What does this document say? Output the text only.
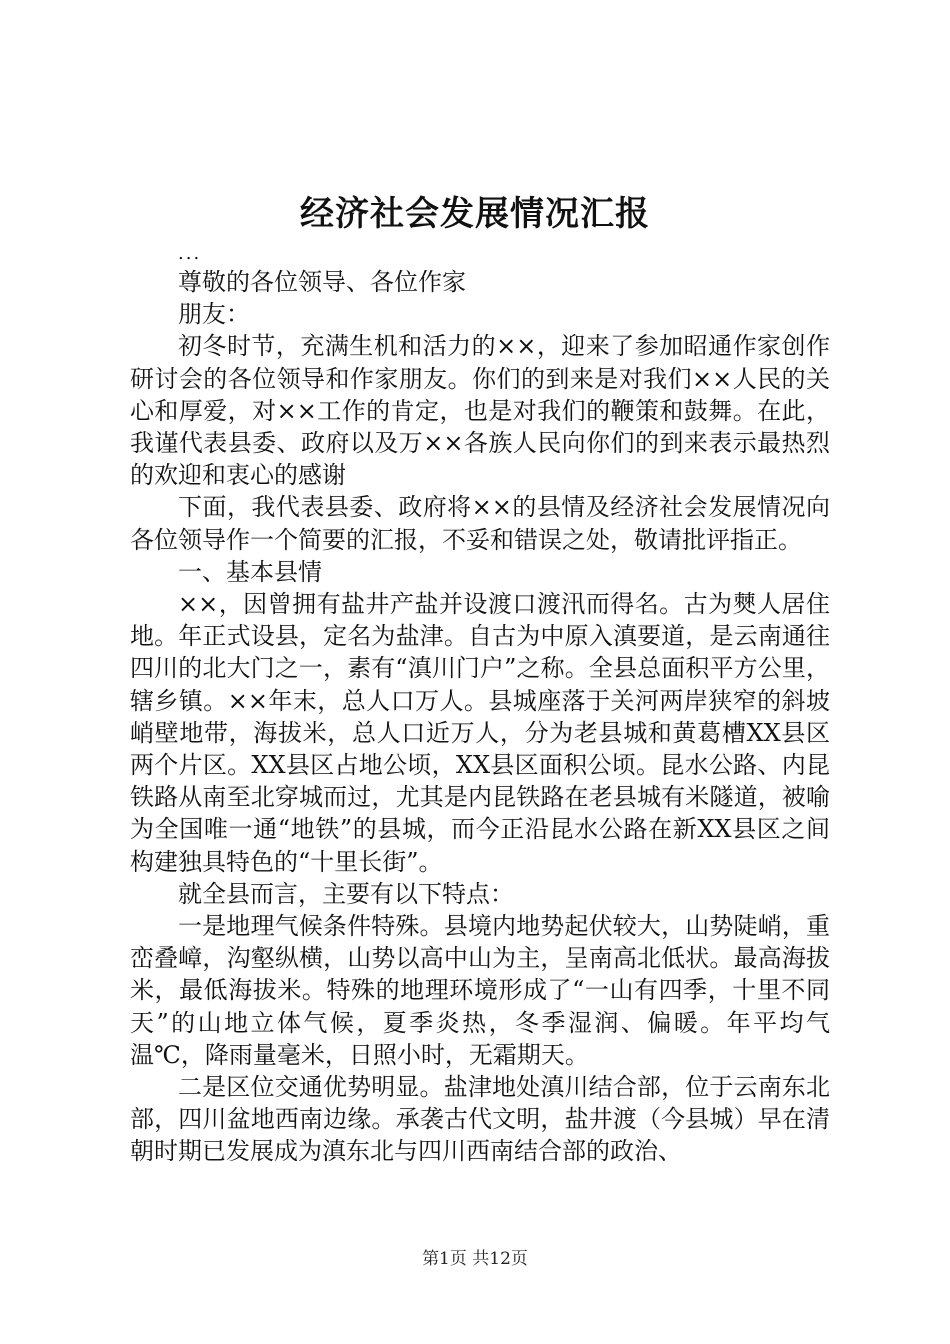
经济社会发展情况汇报
...

尊敬的各位领导、各位作家

朋友：

初冬时节，充满生机和活力的××，迎来了参加昭通作家创作研讨会的各位领导和作家朋友。你们的到来是对我们××人民的关心和厚爱，对××工作的肯定，也是对我们的鞭策和鼓舞。在此，我谨代表县委、政府以及万××各族人民向你们的到来表示最热烈的欢迎和衷心的感谢

下面，我代表县委、政府将××的县情及经济社会发展情况向各位领导作一个简要的汇报，不妥和错误之处，敬请批评指正。

一、基本县情

××，因曾拥有盐井产盐并设渡口渡汛而得名。古为僰人居住地。年正式设县，定名为盐津。自古为中原入滇要道，是云南通往四川的北大门之一，素有“滇川门户”之称。全县总面积平方公里，辖乡镇。××年末，总人口万人。县城座落于关河两岸狭窄的斜坡峭壁地带，海拔米，总人口近万人，分为老县城和黄葛槽XX县区两个片区。XX县区占地公顷，XX县区面积公顷。昆水公路、内昆铁路从南至北穿城而过，尤其是内昆铁路在老县城有米隧道，被喻为全国唯一通“地铁”的县城，而今正沿昆水公路在新XX县区之间构建独具特色的“十里长街”。

就全县而言，主要有以下特点：

一是地理气候条件特殊。县境内地势起伏较大，山势陡峭，重峦叠嶂，沟壑纵横，山势以高中山为主，呈南高北低状。最高海拔米，最低海拔米。特殊的地理环境形成了“一山有四季，十里不同天”的山地立体气候，夏季炎热，冬季湿润、偏暖。年平均气温℃，降雨量毫米，日照小时，无霜期天。

二是区位交通优势明显。盐津地处滇川结合部，位于云南东北部，四川盆地西南边缘。承袭古代文明，盐井渡（今县城）早在清朝时期已发展成为滇东北与四川西南结合部的政治、

第1页 共12页
